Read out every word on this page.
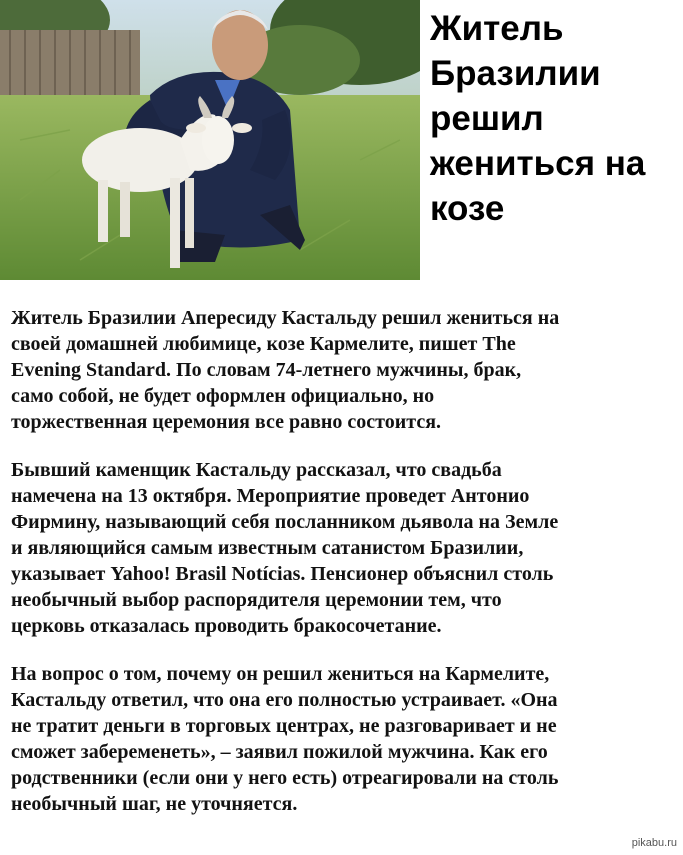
Житель
Бразилии
решил
жениться на
козе

Житель Бразилии Апересиду Кастальду решил жениться на
своей домашней любимице, козе Кармелите, пишет The
Evening Standard. По словам 74-летнего мужчины, брак,
само собой, не будет оформлен официально, но
торжественная церемония все равно состоится.

Бывший каменщик Кастальду рассказал, что свадьба
намечена на 13 октября. Мероприятие проведет Антонио
Фирмину, называющий себя посланником дьявола на Земле
и являющийся самым известным сатанистом Бразилии,
указывает Yahoo! Brasil Notícias. Пенсионер объяснил столь
необычный выбор распорядителя церемонии тем, что
церковь отказалась проводить бракосочетание.

На вопрос о том, почему он решил жениться на Кармелите,
Кастальду ответил, что она его полностью устраивает. «Она
не тратит деньги в торговых центрах, не разговаривает и не
сможет забеременеть», – заявил пожилой мужчина. Как его
родственники (если они у него есть) отреагировали на столь
необычный шаг, не уточняется.

pikabu.ru
